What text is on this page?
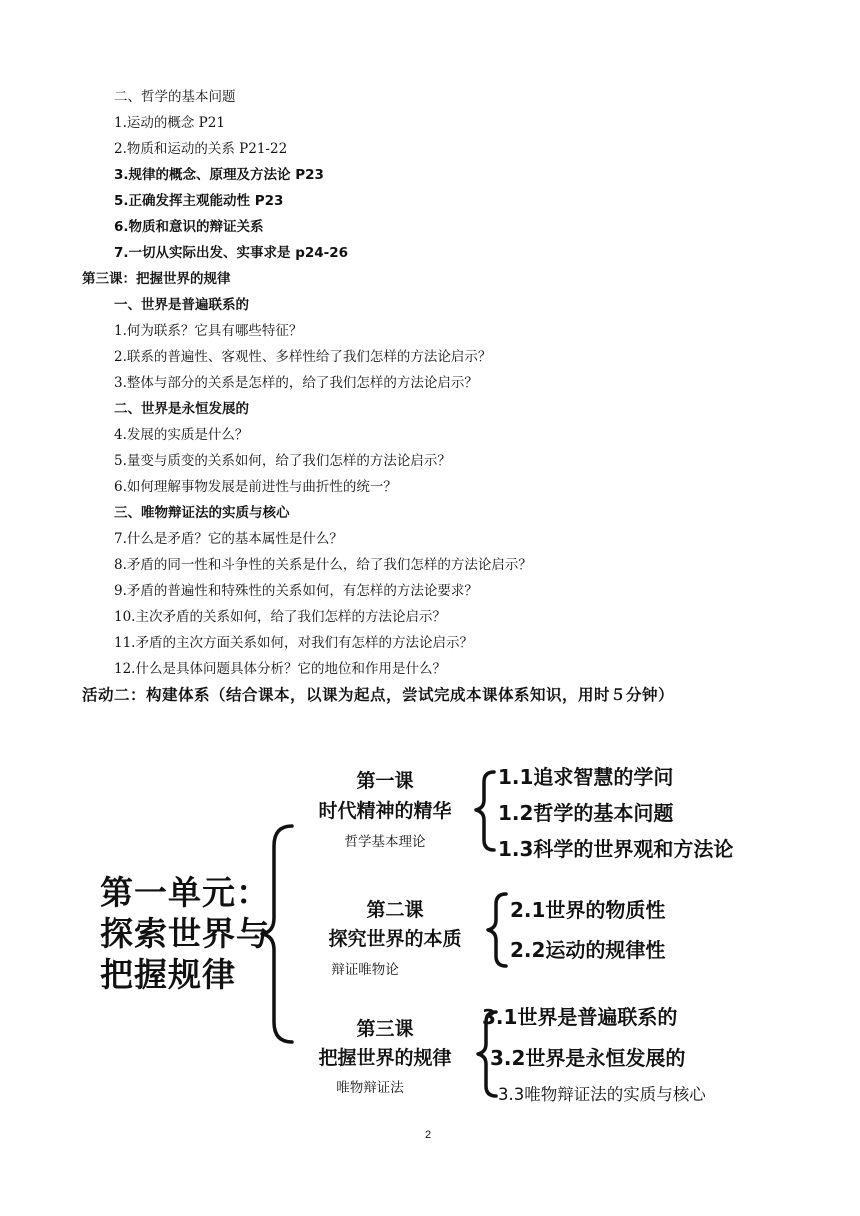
二、哲学的基本问题
1.运动的概念 P21
2.物质和运动的关系 P21-22
3.规律的概念、原理及方法论 P23
5.正确发挥主观能动性 P23
6.物质和意识的辩证关系
7.一切从实际出发、实事求是 p24-26
第三课：把握世界的规律
一、世界是普遍联系的
1.何为联系？它具有哪些特征？
2.联系的普遍性、客观性、多样性给了我们怎样的方法论启示？
3.整体与部分的关系是怎样的，给了我们怎样的方法论启示？
二、世界是永恒发展的
4.发展的实质是什么？
5.量变与质变的关系如何，给了我们怎样的方法论启示？
6.如何理解事物发展是前进性与曲折性的统一？
三、唯物辩证法的实质与核心
7.什么是矛盾？它的基本属性是什么？
8.矛盾的同一性和斗争性的关系是什么，给了我们怎样的方法论启示？
9.矛盾的普遍性和特殊性的关系如何，有怎样的方法论要求？
10.主次矛盾的关系如何，给了我们怎样的方法论启示？
11.矛盾的主次方面关系如何，对我们有怎样的方法论启示？
12.什么是具体问题具体分析？它的地位和作用是什么？
活动二：构建体系（结合课本，以课为起点，尝试完成本课体系知识，用时５分钟）
第一单元：
探索世界与
把握规律
第一课
时代精神的精华
哲学基本理论
1.1追求智慧的学问
1.2哲学的基本问题
1.3科学的世界观和方法论
第二课
探究世界的本质
辩证唯物论
2.1世界的物质性
2.2运动的规律性
第三课
把握世界的规律
唯物辩证法
3.1世界是普遍联系的
3.2世界是永恒发展的
3.3唯物辩证法的实质与核心
2
